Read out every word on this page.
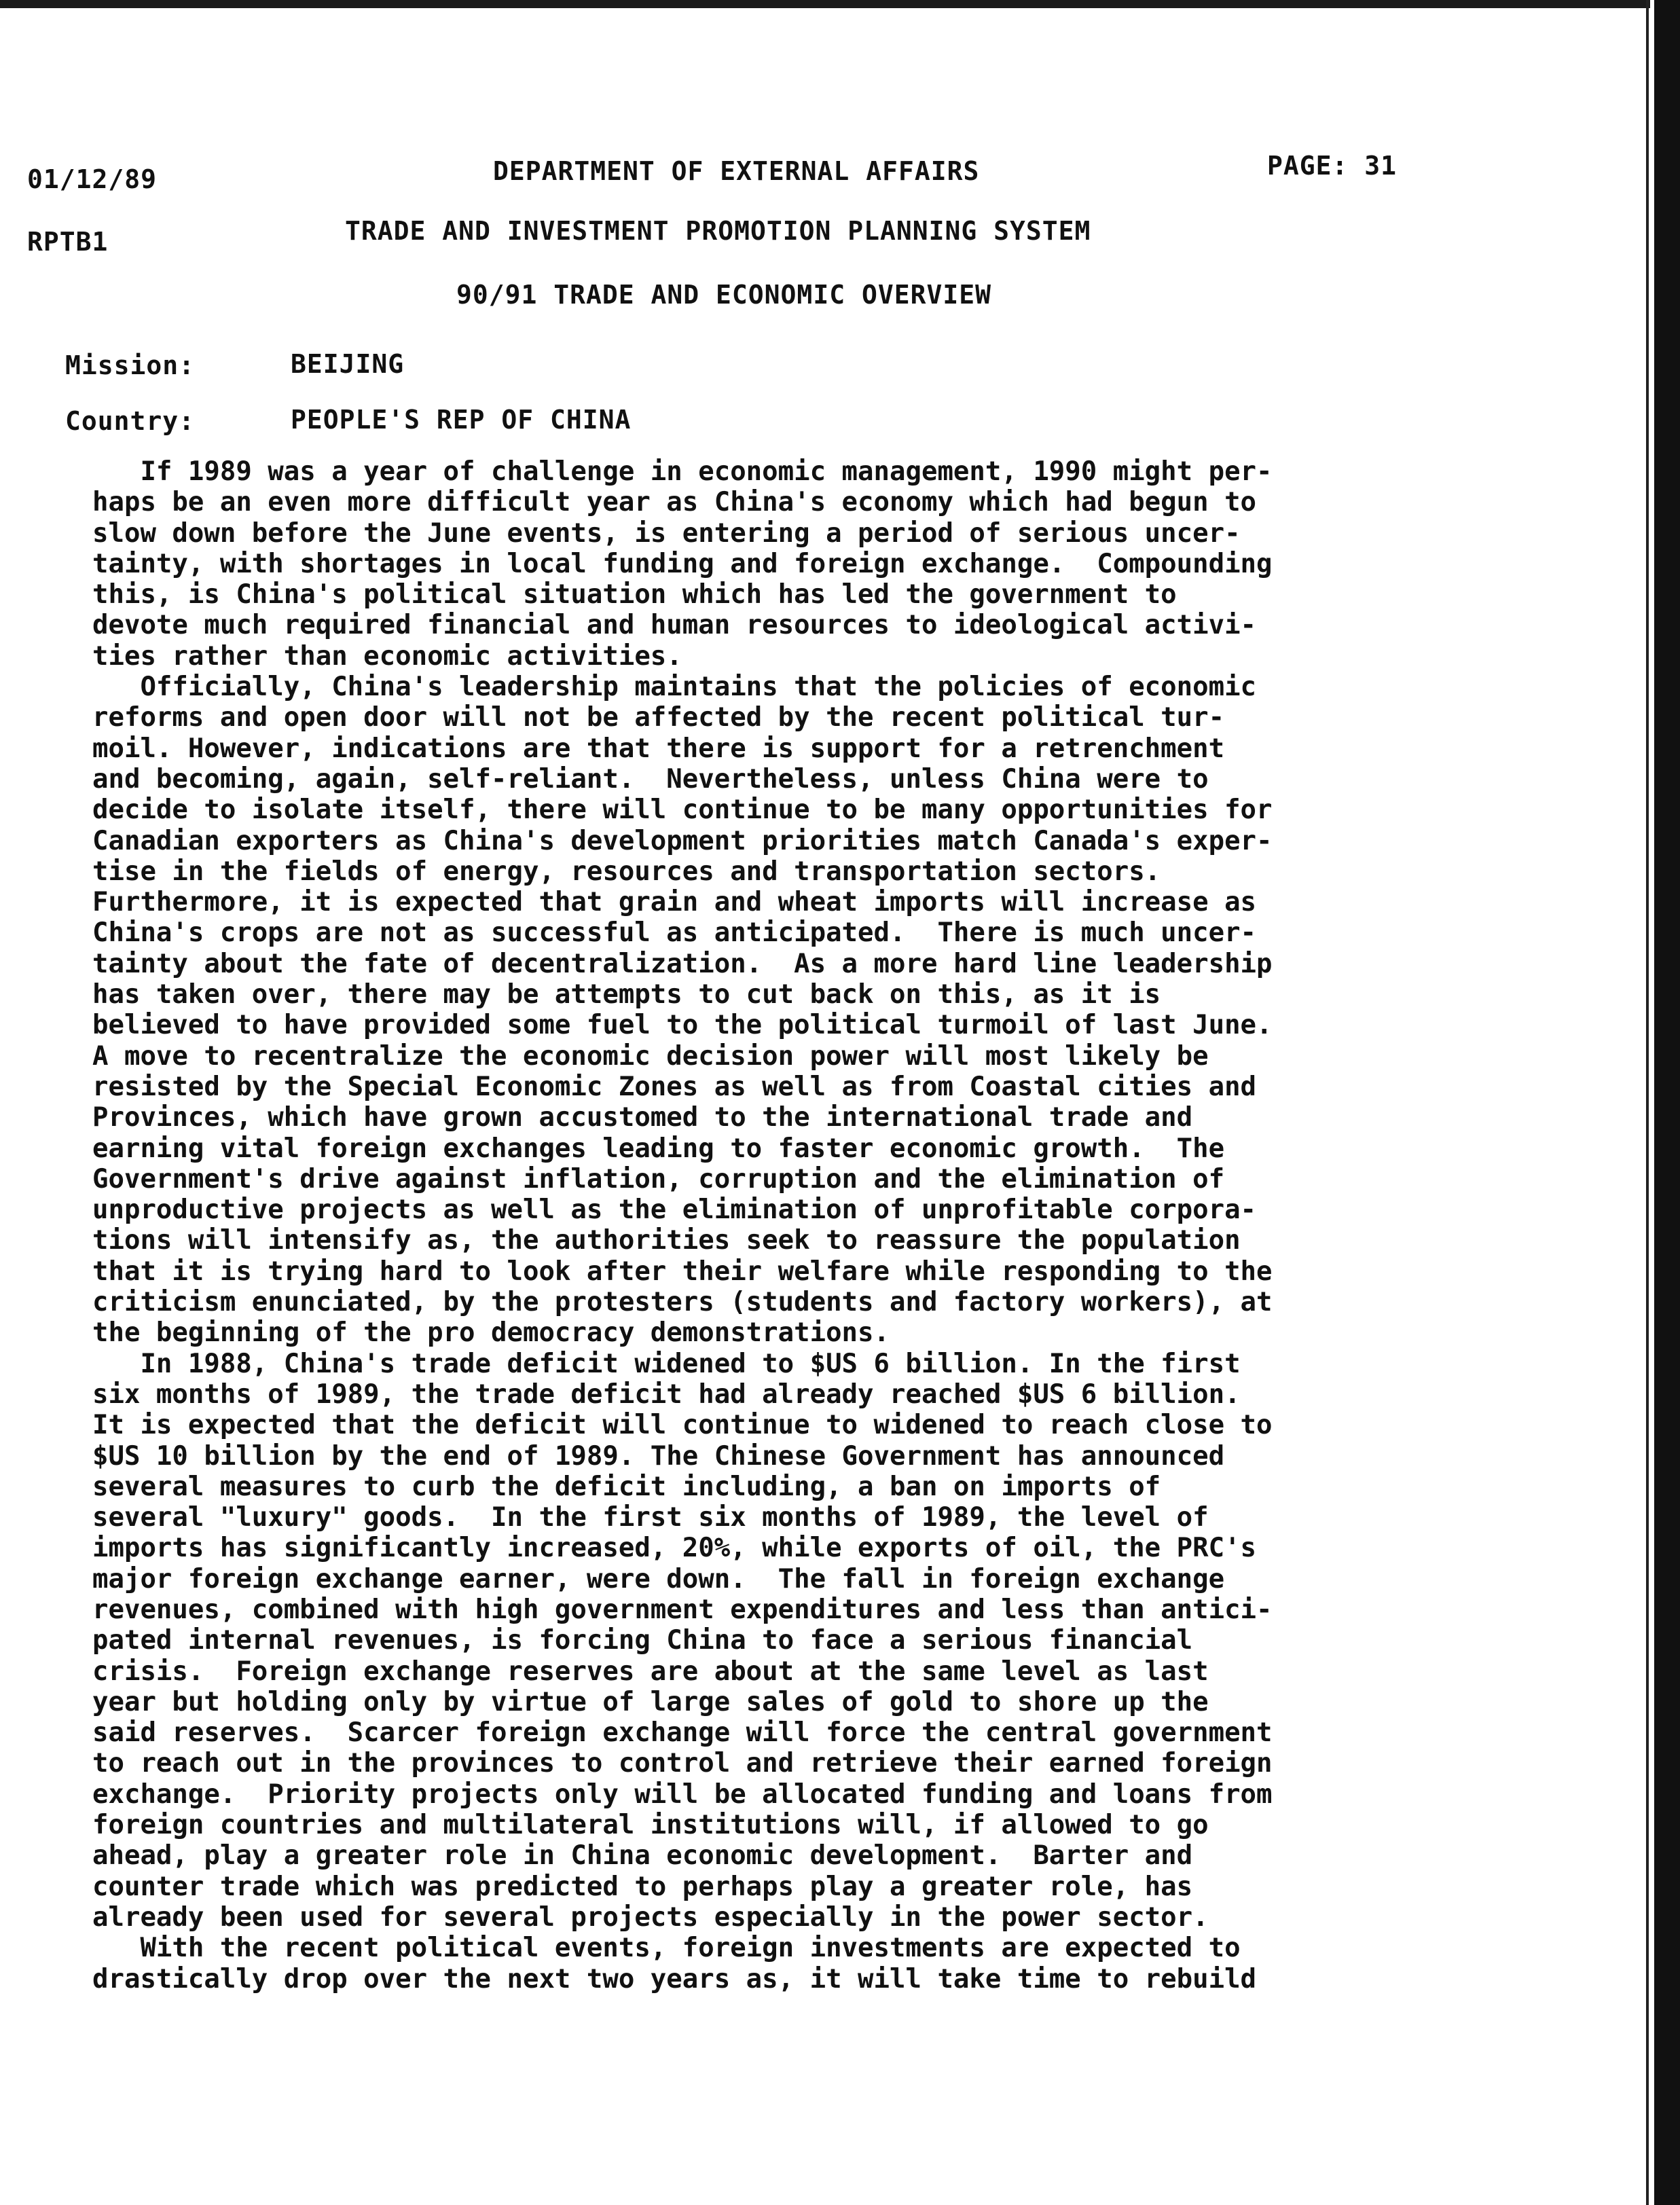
01/12/89	DEPARTMENT OF EXTERNAL AFFAIRS	PAGE: 31
RPTB1	TRADE AND INVESTMENT PROMOTION PLANNING SYSTEM
90/91 TRADE AND ECONOMIC OVERVIEW
Mission:	BEIJING
Country:	PEOPLE'S REP OF CHINA

If 1989 was a year of challenge in economic management, 1990 might per-
haps be an even more difficult year as China's economy which had begun to
slow down before the June events, is entering a period of serious uncer-
tainty, with shortages in local funding and foreign exchange.  Compounding
this, is China's political situation which has led the government to
devote much required financial and human resources to ideological activi-
ties rather than economic activities.

Officially, China's leadership maintains that the policies of economic
reforms and open door will not be affected by the recent political tur-
moil. However, indications are that there is support for a retrenchment
and becoming, again, self-reliant.  Nevertheless, unless China were to
decide to isolate itself, there will continue to be many opportunities for
Canadian exporters as China's development priorities match Canada's exper-
tise in the fields of energy, resources and transportation sectors.
Furthermore, it is expected that grain and wheat imports will increase as
China's crops are not as successful as anticipated.  There is much uncer-
tainty about the fate of decentralization.  As a more hard line leadership
has taken over, there may be attempts to cut back on this, as it is
believed to have provided some fuel to the political turmoil of last June.
A move to recentralize the economic decision power will most likely be
resisted by the Special Economic Zones as well as from Coastal cities and
Provinces, which have grown accustomed to the international trade and
earning vital foreign exchanges leading to faster economic growth.  The
Government's drive against inflation, corruption and the elimination of
unproductive projects as well as the elimination of unprofitable corpora-
tions will intensify as, the authorities seek to reassure the population
that it is trying hard to look after their welfare while responding to the
criticism enunciated, by the protesters (students and factory workers), at
the beginning of the pro democracy demonstrations.

In 1988, China's trade deficit widened to $US 6 billion. In the first
six months of 1989, the trade deficit had already reached $US 6 billion.
It is expected that the deficit will continue to widened to reach close to
$US 10 billion by the end of 1989. The Chinese Government has announced
several measures to curb the deficit including, a ban on imports of
several "luxury" goods.  In the first six months of 1989, the level of
imports has significantly increased, 20%, while exports of oil, the PRC's
major foreign exchange earner, were down.  The fall in foreign exchange
revenues, combined with high government expenditures and less than antici-
pated internal revenues, is forcing China to face a serious financial
crisis.  Foreign exchange reserves are about at the same level as last
year but holding only by virtue of large sales of gold to shore up the
said reserves.  Scarcer foreign exchange will force the central government
to reach out in the provinces to control and retrieve their earned foreign
exchange.  Priority projects only will be allocated funding and loans from
foreign countries and multilateral institutions will, if allowed to go
ahead, play a greater role in China economic development.  Barter and
counter trade which was predicted to perhaps play a greater role, has
already been used for several projects especially in the power sector.

With the recent political events, foreign investments are expected to
drastically drop over the next two years as, it will take time to rebuild
